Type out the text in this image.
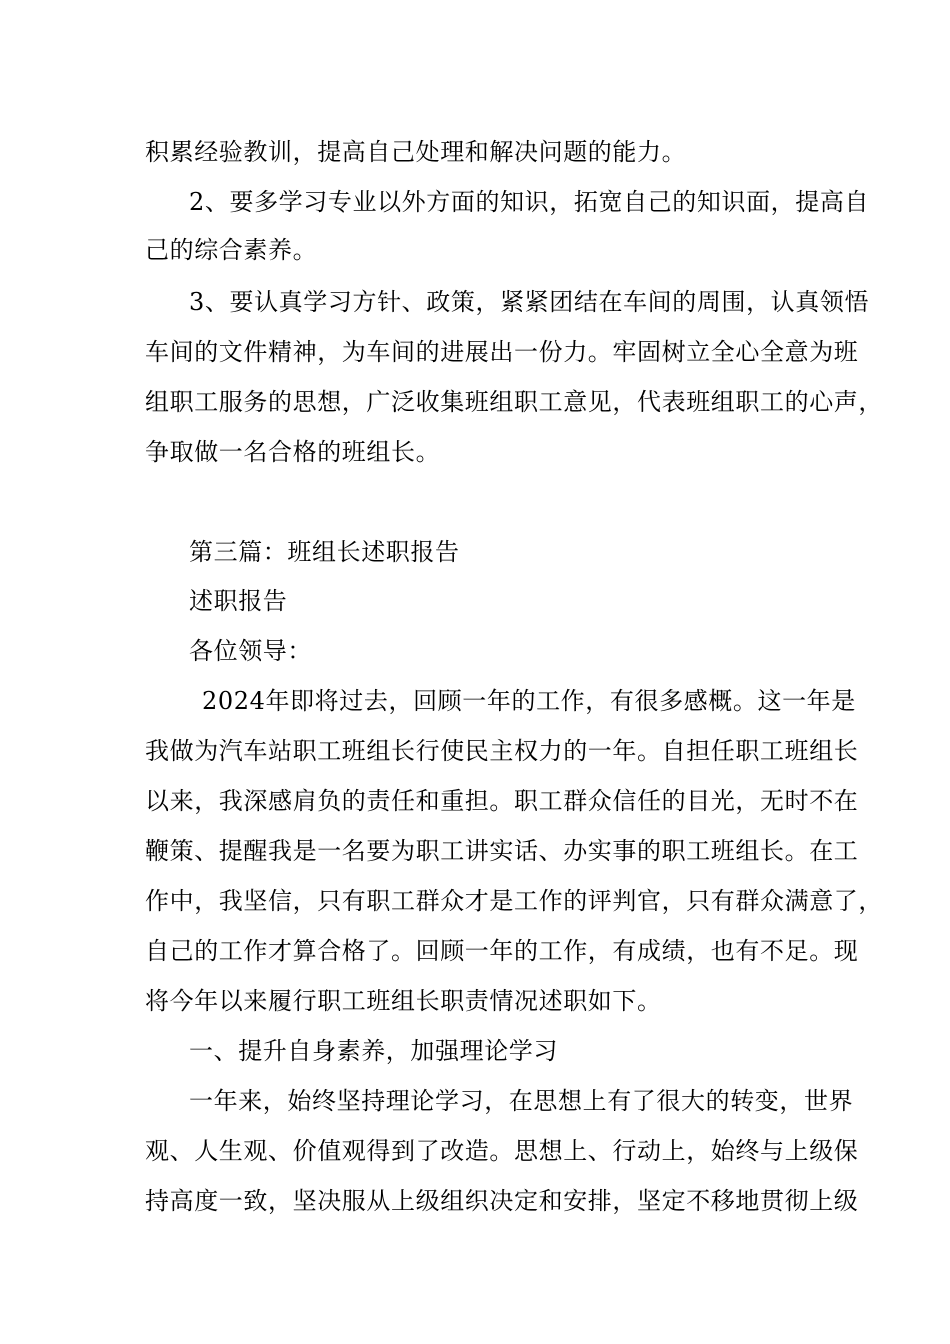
积累经验教训，提高自己处理和解决问题的能力。
2、要多学习专业以外方面的知识，拓宽自己的知识面，提高自
己的综合素养。
3、要认真学习方针、政策，紧紧团结在车间的周围，认真领悟
车间的文件精神，为车间的进展出一份力。牢固树立全心全意为班
组职工服务的思想，广泛收集班组职工意见，代表班组职工的心声，
争取做一名合格的班组长。
第三篇：班组长述职报告
述职报告
各位领导：
2024年即将过去，回顾一年的工作，有很多感概。这一年是
我做为汽车站职工班组长行使民主权力的一年。自担任职工班组长
以来，我深感肩负的责任和重担。职工群众信任的目光，无时不在
鞭策、提醒我是一名要为职工讲实话、办实事的职工班组长。在工
作中，我坚信，只有职工群众才是工作的评判官，只有群众满意了，
自己的工作才算合格了。回顾一年的工作，有成绩，也有不足。现
将今年以来履行职工班组长职责情况述职如下。
一、提升自身素养，加强理论学习
一年来，始终坚持理论学习，在思想上有了很大的转变，世界
观、人生观、价值观得到了改造。思想上、行动上，始终与上级保
持高度一致，坚决服从上级组织决定和安排，坚定不移地贯彻上级
